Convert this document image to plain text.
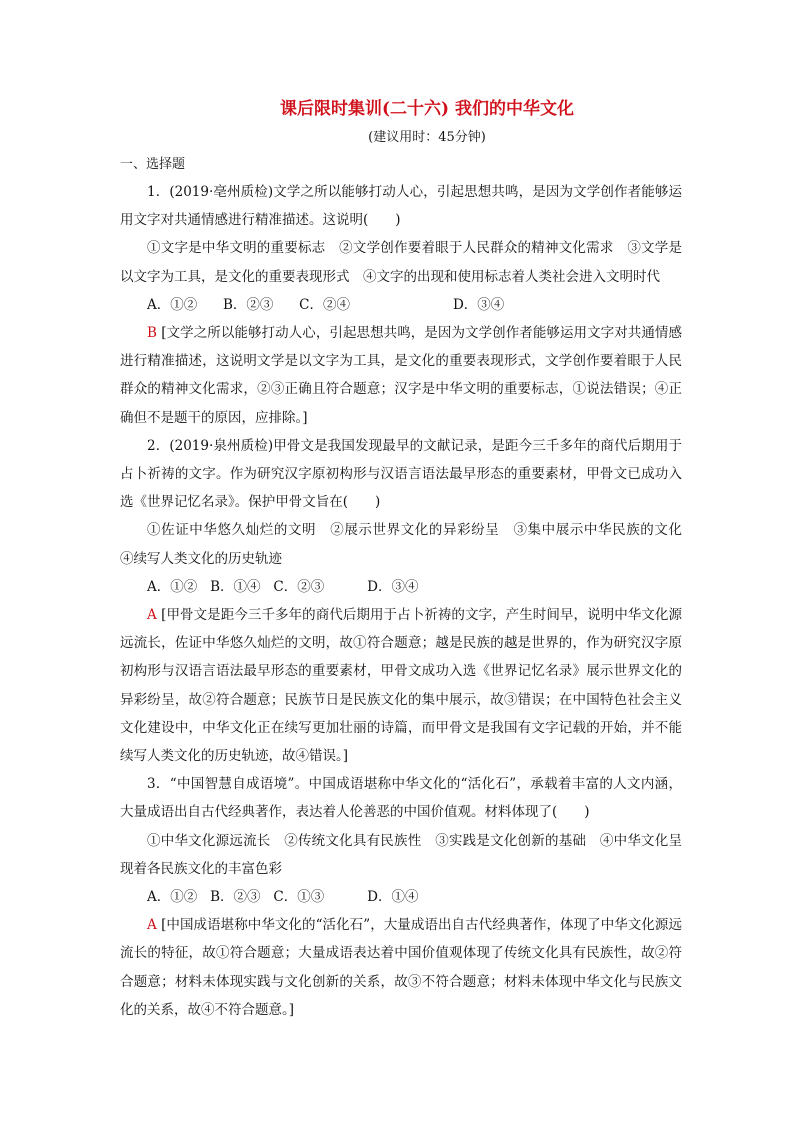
课后限时集训(二十六) 我们的中华文化
(建议用时：45分钟)
一、选择题
1．(2019·亳州质检)文学之所以能够打动人心，引起思想共鸣，是因为文学创作者能够运用文字对共通情感进行精准描述。这说明(　　)
①文字是中华文明的重要标志　②文学创作要着眼于人民群众的精神文化需求　③文学是以文字为工具，是文化的重要表现形式　④文字的出现和使用标志着人类社会进入文明时代
A．①②      B．②③      C．②④                        D．③④
B [文学之所以能够打动人心，引起思想共鸣，是因为文学创作者能够运用文字对共通情感进行精准描述，这说明文学是以文字为工具，是文化的重要表现形式，文学创作要着眼于人民群众的精神文化需求，②③正确且符合题意；汉字是中华文明的重要标志，①说法错误；④正确但不是题干的原因，应排除。]
2．(2019·泉州质检)甲骨文是我国发现最早的文献记录，是距今三千多年的商代后期用于占卜祈祷的文字。作为研究汉字原初构形与汉语言语法最早形态的重要素材，甲骨文已成功入选《世界记忆名录》。保护甲骨文旨在(　　)
①佐证中华悠久灿烂的文明　②展示世界文化的异彩纷呈　③集中展示中华民族的文化　④续写人类文化的历史轨迹
A．①②   B．①④   C．②③          D．③④
A [甲骨文是距今三千多年的商代后期用于占卜祈祷的文字，产生时间早，说明中华文化源远流长，佐证中华悠久灿烂的文明，故①符合题意；越是民族的越是世界的，作为研究汉字原初构形与汉语言语法最早形态的重要素材，甲骨文成功入选《世界记忆名录》展示世界文化的异彩纷呈，故②符合题意；民族节日是民族文化的集中展示，故③错误；在中国特色社会主义文化建设中，中华文化正在续写更加壮丽的诗篇，而甲骨文是我国有文字记载的开始，并不能续写人类文化的历史轨迹，故④错误。]
3．“中国智慧自成语境”。中国成语堪称中华文化的“活化石”，承载着丰富的人文内涵，大量成语出自古代经典著作，表达着人伦善恶的中国价值观。材料体现了(　　)
①中华文化源远流长　②传统文化具有民族性　③实践是文化创新的基础　④中华文化呈现着各民族文化的丰富色彩
A．①②   B．②③   C．①③          D．①④
A [中国成语堪称中华文化的“活化石”，大量成语出自古代经典著作，体现了中华文化源远流长的特征，故①符合题意；大量成语表达着中国价值观体现了传统文化具有民族性，故②符合题意；材料未体现实践与文化创新的关系，故③不符合题意；材料未体现中华文化与民族文化的关系，故④不符合题意。]
